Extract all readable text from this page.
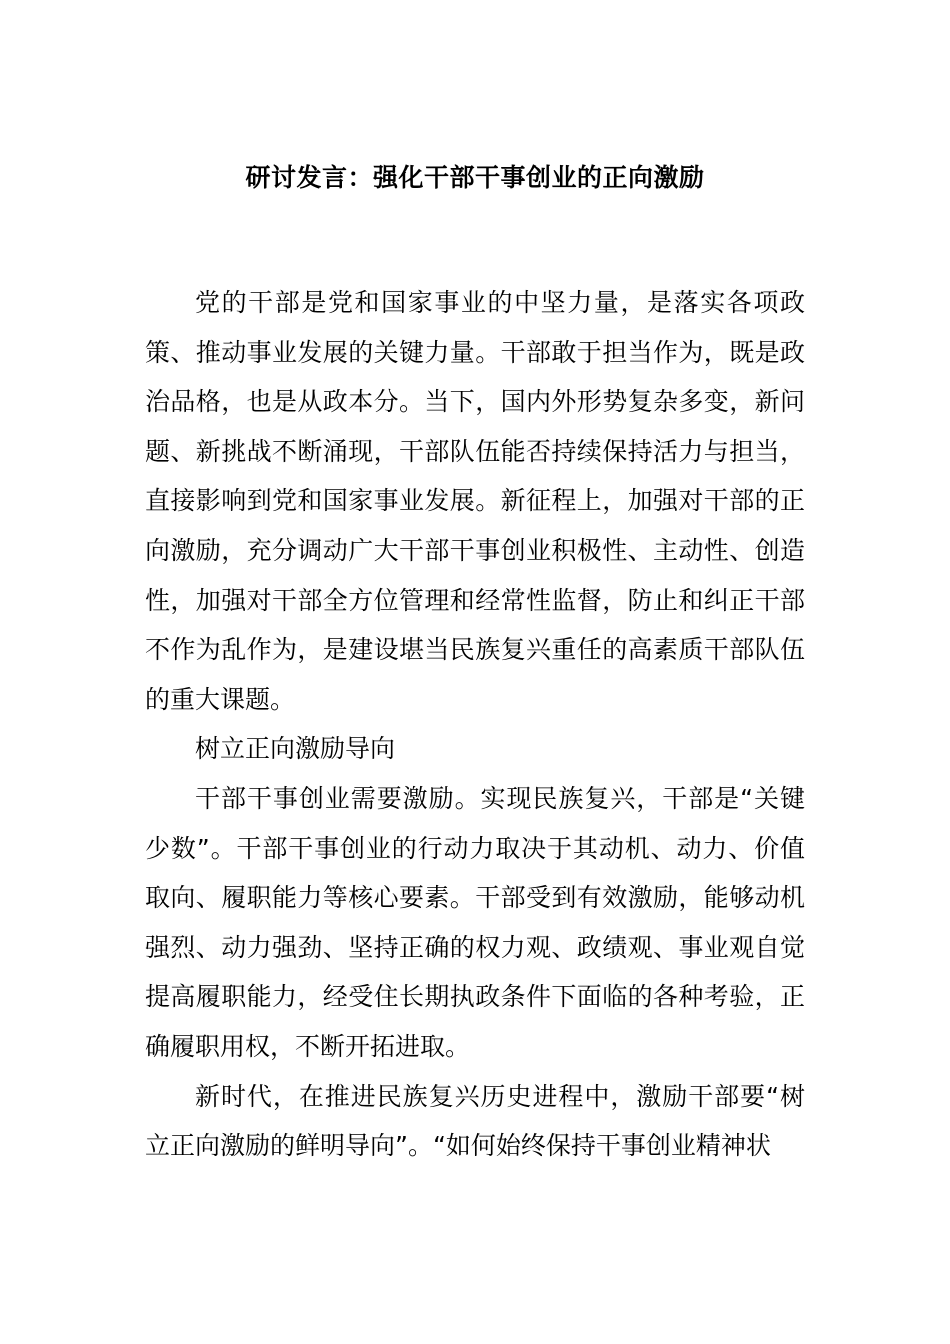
研讨发言：强化干部干事创业的正向激励

党的干部是党和国家事业的中坚力量，是落实各项政策、推动事业发展的关键力量。干部敢于担当作为，既是政治品格，也是从政本分。当下，国内外形势复杂多变，新问题、新挑战不断涌现，干部队伍能否持续保持活力与担当，直接影响到党和国家事业发展。新征程上，加强对干部的正向激励，充分调动广大干部干事创业积极性、主动性、创造性，加强对干部全方位管理和经常性监督，防止和纠正干部不作为乱作为，是建设堪当民族复兴重任的高素质干部队伍的重大课题。

树立正向激励导向

干部干事创业需要激励。实现民族复兴，干部是“关键少数”。干部干事创业的行动力取决于其动机、动力、价值取向、履职能力等核心要素。干部受到有效激励，能够动机强烈、动力强劲、坚持正确的权力观、政绩观、事业观自觉提高履职能力，经受住长期执政条件下面临的各种考验，正确履职用权，不断开拓进取。

新时代，在推进民族复兴历史进程中，激励干部要“树立正向激励的鲜明导向”。“如何始终保持干事创业精神状
